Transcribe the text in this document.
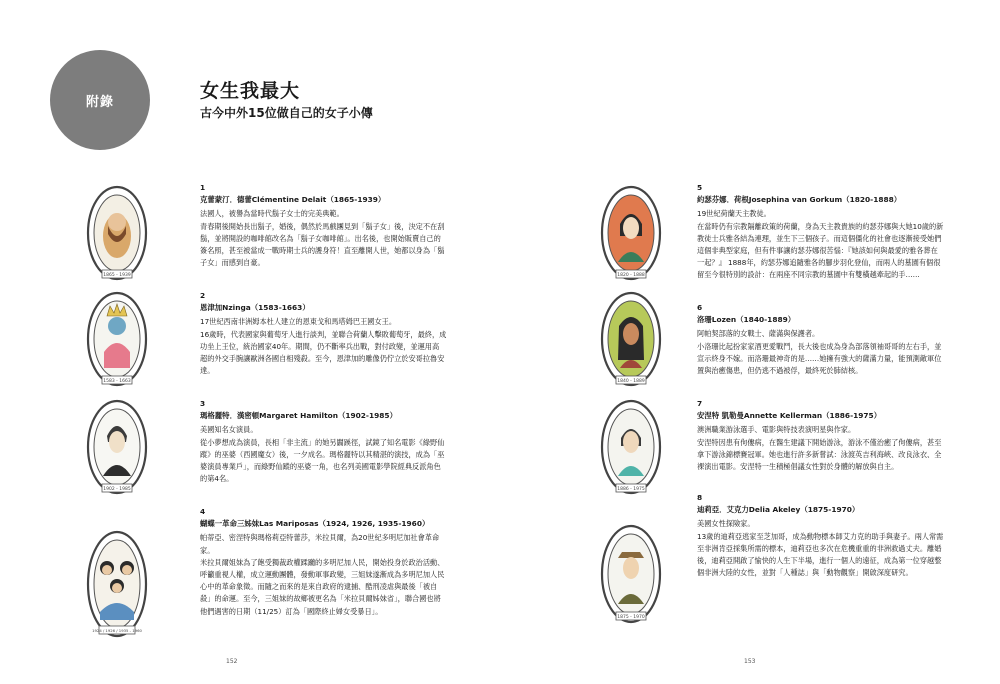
附錄	女生我最大
古今中外15位做自己的女子小傳
1865 - 1939
1583 - 1663
1902 - 1985
1924 / 1926 / 1935 - 1960
1820 - 1888
1840 - 1889
1886 - 1975
1875 - 1970
1
克蕾蒙汀．德蕾Clémentine Delait（1865-1939）
法國人，被譽為當時代鬍子女士的完美典範。
青春期後開始長出鬍子，婚後，偶然於馬戲團見到「鬍子女」後，決定不在刮
鬍，並將開設的咖啡館改名為「鬍子女咖啡館」。出名後，也開始販賣自己的
簽名照，甚至被當成一戰時期士兵的護身符！直至離開人世，她都以身為「鬍
子女」而感到自豪。
2
恩津加Nzinga（1583-1663）
17世紀西南非洲姆本杜人建立的恩東戈和馬塔姆巴王國女王。
16歲時，代表國家與葡萄牙人進行談判，並聯合荷蘭人擊敗葡萄牙，最終，成
功坐上王位，統治國家40年。期間，仍不斷率兵出戰，對付政變，並運用高
超的外交手腕讓歐洲各國自相殘殺。至今，恩津加的雕像仍佇立於安哥拉魯安
達。
3
瑪格麗特．漢密頓Margaret Hamilton（1902-1985）
美國知名女演員。
從小夢想成為演員，長相「非主流」的她另闢蹊徑，試鏡了知名電影《綠野仙
蹤》的巫婆（西國魔女）後，一夕成名。瑪格麗特以其精湛的演技，成為「巫
婆演員專業戶」，而綠野仙蹤的巫婆一角，也名列美國電影學院經典反派角色
的第4名。
4
蝴蝶一革命三姊妹Las Mariposas（1924, 1926, 1935-1960）
帕蒂亞、密涅特與瑪格莉亞特蕾莎，米拉貝爾，為20世紀多明尼加社會革命
家。
米拉貝爾姐妹為了飽受獨裁政權蹂躪的多明尼加人民，開始投身於政治活動、
呼籲重視人權，成立運動團體，發動軍事政變，三姐妹遂漸成為多明尼加人民
心中的革命象徵。而隨之而來的是來自政府的逮捕、酷刑凌虐與最後「被自
殺」的命運。至今，三姐妹的故鄉被更名為「米拉貝爾姊妹省」，聯合國也將
他們遇害的日期（11/25）訂為「國際終止婦女受暴日」。
5
約瑟芬娜．荷根Josephina van Gorkum（1820-1888）
19世紀荷蘭天主教徒。
在當時仍有宗教隔離政策的荷蘭，身為天主教貴族的約瑟芬娜與大她10歲的新
教徒士兵雅各結為連理，並生下三個孩子。而這個僵化的社會也逐漸接受她們
這個非典型家庭，但有件事讓約瑟芬娜很苦惱：『她該如何與最愛的雅各葬在
一起？』 1888年，約瑟芬娜追隨雅各的腳步羽化登仙，而兩人的墓園有個很
留至今很特別的設計：在兩座不同宗教的墓園中有雙橫越牽起的手……
6
洛珊Lozen（1840-1889）
阿帕契部落的女戰士、薩滿與保護者。
小洛珊比起扮家家酒更愛戰鬥，長大後也成為身為部落領袖哥哥的左右手，並
宣示終身不嫁。而洛珊最神奇的是……她擁有強大的薩滿力量，能預測敵軍位
置與治癒傷患，但仍逃不過被俘，最終死於肺結核。
7
安涅特 凱勒曼Annette Kellerman（1886-1975）
澳洲職業游泳選手、電影與特技表演明星與作家。
安涅特因患有佝僂病，在醫生建議下開始游泳，游泳不僅治癒了佝僂病，甚至
拿下游泳錦標賽冠軍。她也進行許多新嘗試：泳渡英吉利海峽、改良泳衣、全
裸演出電影。安涅特一生積極倡議女性對於身體的解放與自主。
8
迪莉亞．艾克力Delia Akeley（1875-1970）
美國女性探險家。
13歲的迪莉亞逃家至芝加哥，成為動物標本師艾力克的助手與妻子。兩人常需
至非洲肯亞採集所需的標本，迪莉亞也多次在危機重重的非洲救過丈夫。離婚
後，迪莉亞開啟了愉快的人生下半場，進行一個人的遠征，成為第一位穿越整
個非洲大陸的女性，並對「人種誌」與「動物觀察」開啟深度研究。
152	153
